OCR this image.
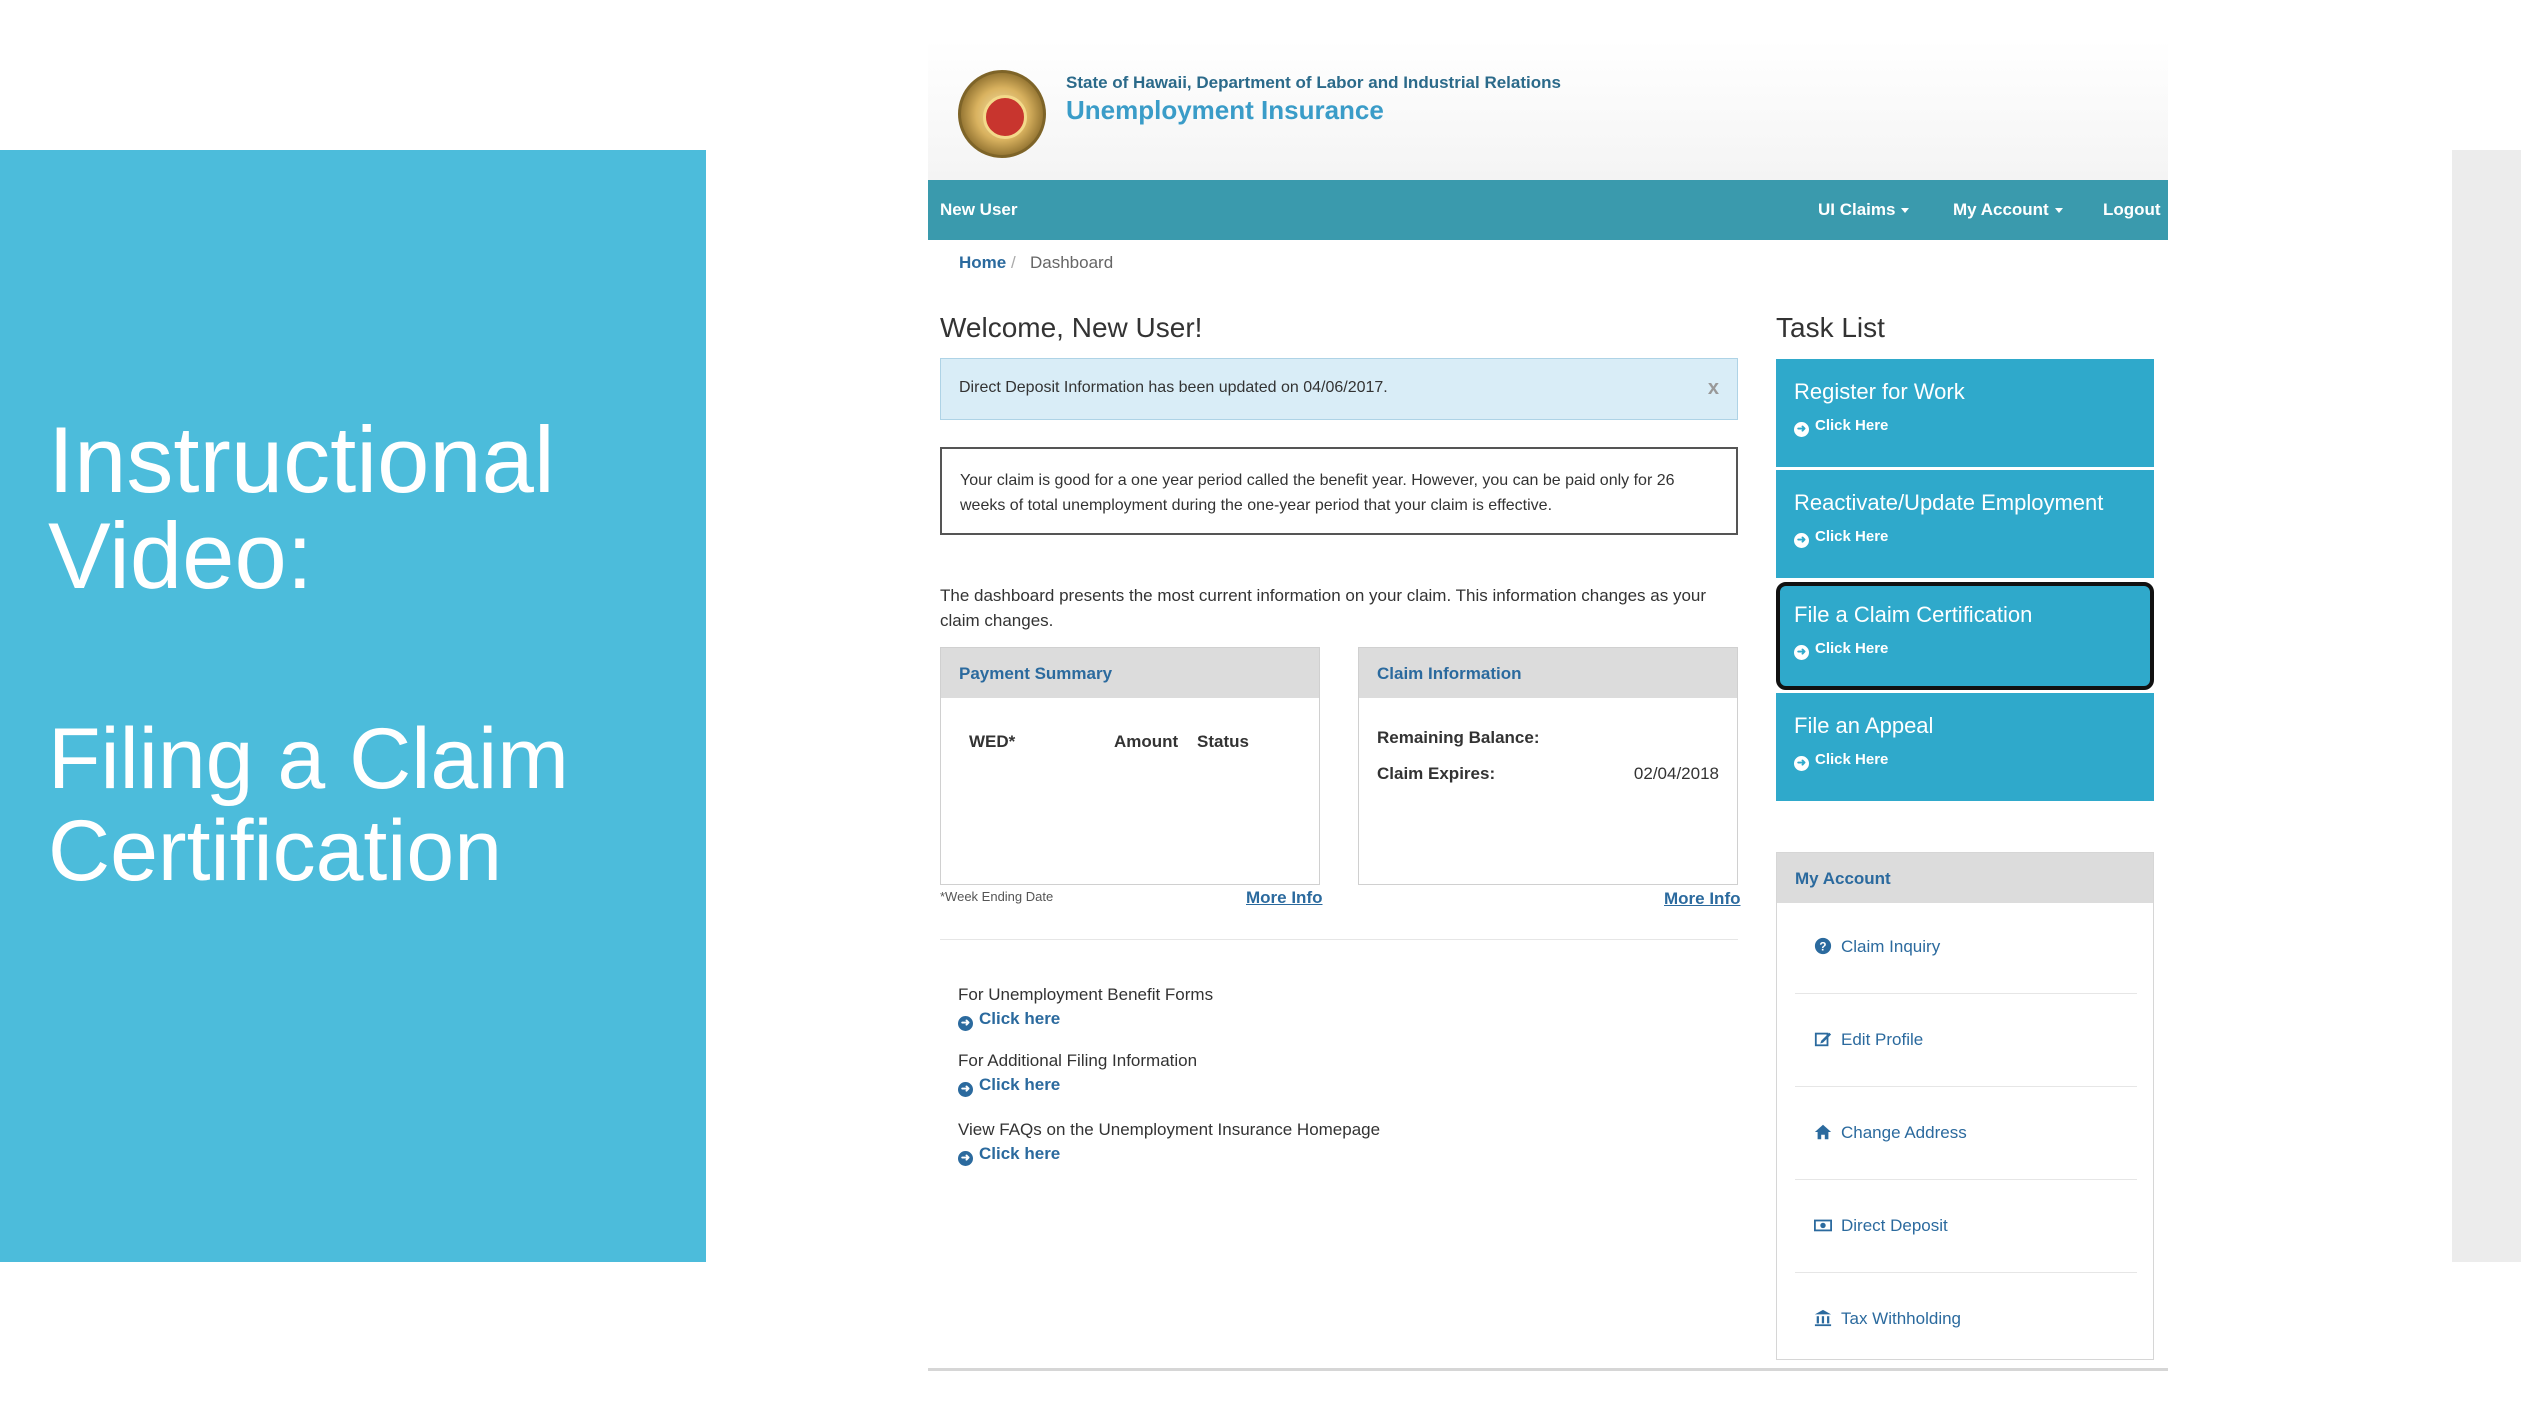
Instructional
Video:
Filing a Claim
Certification
State of Hawaii, Department of Labor and Industrial Relations
Unemployment Insurance
New User	UI Claims	My Account	Logout
Home / Dashboard
Welcome, New User!
Direct Deposit Information has been updated on 04/06/2017.	x
Your claim is good for a one year period called the benefit year. However, you can be paid only for 26 weeks of total unemployment during the one-year period that your claim is effective.
The dashboard presents the most current information on your claim. This information changes as your claim changes.
Payment Summary
WED*	Amount Status
*Week Ending Date	More Info
Claim Information
Remaining Balance:
Claim Expires:	02/04/2018
More Info
For Unemployment Benefit Forms
➜ Click here
For Additional Filing Information
➜ Click here
View FAQs on the Unemployment Insurance Homepage
➜ Click here
Task List
Register for Work
➜ Click Here
Reactivate/Update Employment
➜ Click Here
File a Claim Certification
➜ Click Here
File an Appeal
➜ Click Here
My Account
? Claim Inquiry
Edit Profile
Change Address
Direct Deposit
Tax Withholding
